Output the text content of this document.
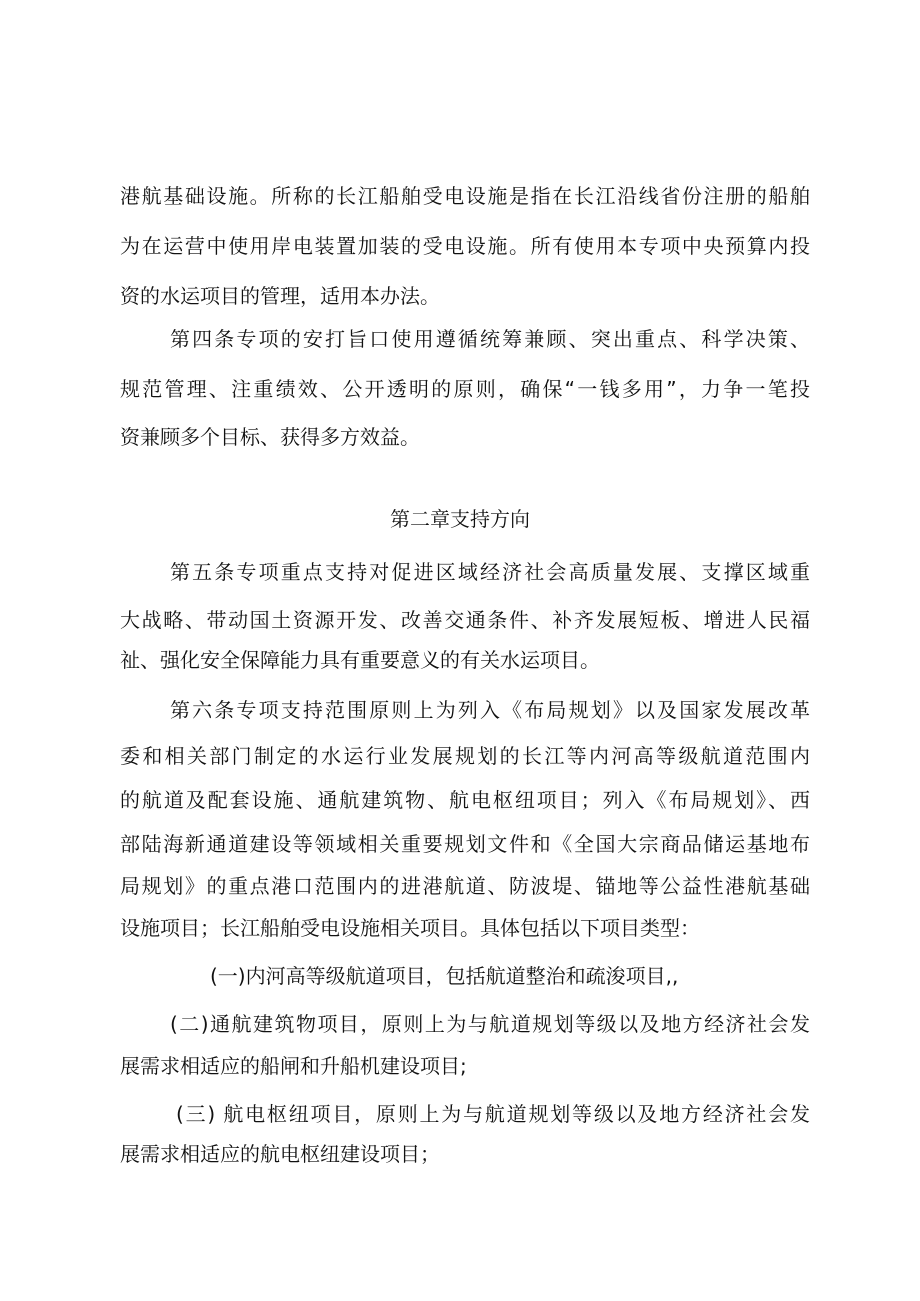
港航基础设施。所称的长江船舶受电设施是指在长江沿线省份注册的船舶
为在运营中使用岸电装置加装的受电设施。所有使用本专项中央预算内投
资的水运项目的管理，适用本办法。
第四条专项的安打旨口使用遵循统筹兼顾、突出重点、科学决策、
规范管理、注重绩效、公开透明的原则，确保“一钱多用”，力争一笔投
资兼顾多个目标、获得多方效益。
第二章支持方向
第五条专项重点支持对促进区域经济社会高质量发展、支撑区域重
大战略、带动国土资源开发、改善交通条件、补齐发展短板、增进人民福
祉、强化安全保障能力具有重要意义的有关水运项目。
第六条专项支持范围原则上为列入《布局规划》以及国家发展改革
委和相关部门制定的水运行业发展规划的长江等内河高等级航道范围内
的航道及配套设施、通航建筑物、航电枢纽项目；列入《布局规划》、西
部陆海新通道建设等领域相关重要规划文件和《全国大宗商品储运基地布
局规划》的重点港口范围内的进港航道、防波堤、锚地等公益性港航基础
设施项目；长江船舶受电设施相关项目。具体包括以下项目类型：
(一)内河高等级航道项目，包括航道整治和疏浚项目,,
(二)通航建筑物项目，原则上为与航道规划等级以及地方经济社会发
展需求相适应的船闸和升船机建设项目;
(三) 航电枢纽项目，原则上为与航道规划等级以及地方经济社会发
展需求相适应的航电枢纽建设项目；
